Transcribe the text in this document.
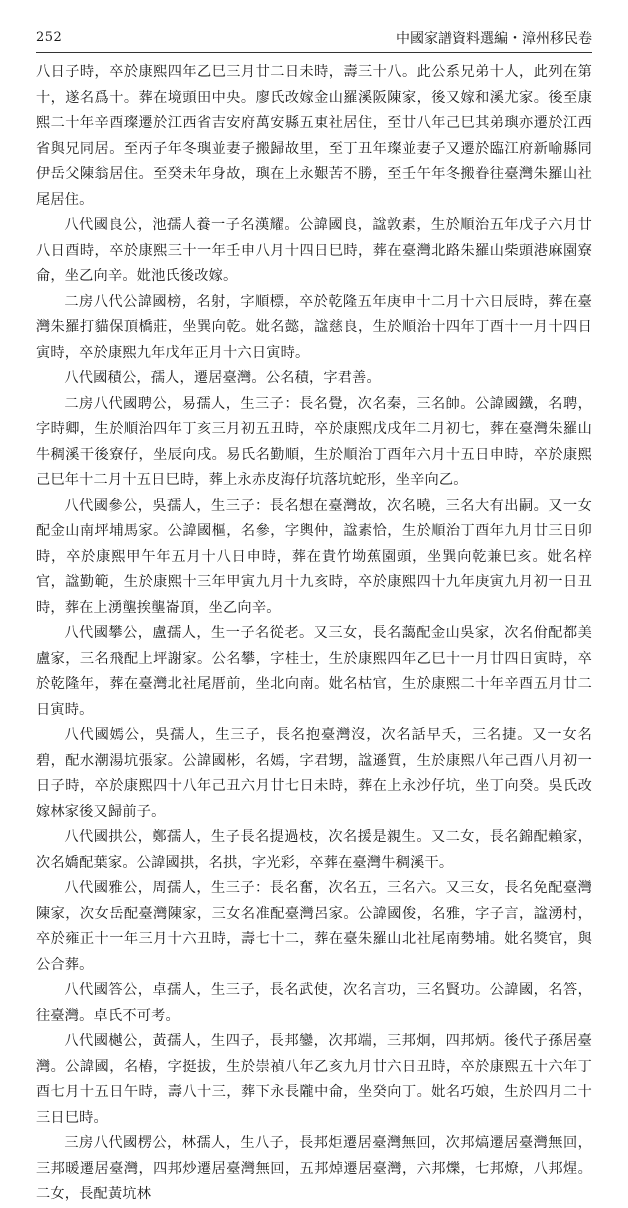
252	中國家譜資料選編・漳州移民卷

八日子時，卒於康熙四年乙巳三月廿二日未時，壽三十八。此公系兄弟十人，此列在第十，遂名爲十。葬在境頭田中央。廖氏改嫁金山羅溪阪陳家，後又嫁和溪尤家。後至康熙二十年辛酉璨遷於江西省吉安府萬安縣五東社居住，至廿八年己巳其弟璵亦遷於江西省與兄同居。至丙子年冬璵並妻子搬歸故里，至丁丑年璨並妻子又遷於臨江府新喻縣同伊岳父陳翁居住。至癸未年身故，璵在上永艱苦不勝，至壬午年冬搬眷往臺灣朱羅山社尾居住。

八代國良公，池孺人養一子名漢耀。公諱國良，諡敦素，生於順治五年戊子六月廿八日酉時，卒於康熙三十一年壬申八月十四日巳時，葬在臺灣北路朱羅山柴頭港麻園寮侖，坐乙向辛。妣池氏後改嫁。

二房八代公諱國榜，名射，字順標，卒於乾隆五年庚申十二月十六日辰時，葬在臺灣朱羅打貓保頂橋莊，坐巽向乾。妣名懿，諡慈良，生於順治十四年丁酉十一月十四日寅時，卒於康熙九年戊年正月十六日寅時。

八代國積公，孺人，遷居臺灣。公名積，字君善。

二房八代國聘公，易孺人，生三子：長名覺，次名秦，三名帥。公諱國鐵，名聘，字時卿，生於順治四年丁亥三月初五丑時，卒於康熙戊戌年二月初七，葬在臺灣朱羅山牛稠溪干後寮仔，坐辰向戌。易氏名勤順，生於順治丁酉年六月十五日申時，卒於康熙己巳年十二月十五日巳時，葬上永赤皮海仔坑落坑蛇形，坐辛向乙。

八代國參公，吳孺人，生三子：長名想在臺灣故，次名曉，三名大有出嗣。又一女配金山南坪埔馬家。公諱國樞，名參，字輿仲，諡素恰，生於順治丁酉年九月廿三日卯時，卒於康熙甲午年五月十八日申時，葬在貴竹坳蕉園頭，坐巽向乾兼巳亥。妣名梓官，諡勤範，生於康熙十三年甲寅九月十九亥時，卒於康熙四十九年庚寅九月初一日丑時，葬在上湧壟挨壟崙頂，坐乙向辛。

八代國攀公，盧孺人，生一子名從老。又三女，長名藹配金山吳家，次名佾配都美盧家，三名飛配上坪謝家。公名攀，字桂士，生於康熙四年乙巳十一月廿四日寅時，卒於乾隆年，葬在臺灣北社尾厝前，坐北向南。妣名枯官，生於康熙二十年辛酉五月廿二日寅時。

八代國嫣公，吳孺人，生三子，長名抱臺灣沒，次名話早夭，三名捷。又一女名碧，配水潮湯坑張家。公諱國彬，名嫣，字君甥，諡遜質，生於康熙八年己酉八月初一日子時，卒於康熙四十八年己丑六月廿七日未時，葬在上永沙仔坑，坐丁向癸。吳氏改嫁林家後又歸前子。

八代國拱公，鄭孺人，生子長名提過枝，次名援是親生。又二女，長名錦配賴家，次名嬌配葉家。公諱國拱，名拱，字光彩，卒葬在臺灣牛稠溪干。

八代國雅公，周孺人，生三子：長名奮，次名五，三名六。又三女，長名免配臺灣陳家，次女岳配臺灣陳家，三女名准配臺灣呂家。公諱國俊，名雅，字子言，諡湧村，卒於雍正十一年三月十六丑時，壽七十二，葬在臺朱羅山北社尾南勢埔。妣名獎官，與公合葬。

八代國答公，卓孺人，生三子，長名武使，次名言功，三名賢功。公諱國，名答，往臺灣。卓氏不可考。

八代國樾公，黃孺人，生四子，長邦鑾，次邦端，三邦炯，四邦炳。後代子孫居臺灣。公諱國，名樁，字挺拔，生於崇禎八年乙亥九月廿六日丑時，卒於康熙五十六年丁酉七月十五日午時，壽八十三，葬下永長隴中侖，坐癸向丁。妣名巧娘，生於四月二十三日巳時。

三房八代國楞公，林孺人，生八子，長邦炬遷居臺灣無回，次邦熇遷居臺灣無回，三邦暖遷居臺灣，四邦炒遷居臺灣無回，五邦焯遷居臺灣，六邦爍，七邦燎，八邦煋。二女，長配黃坑林
